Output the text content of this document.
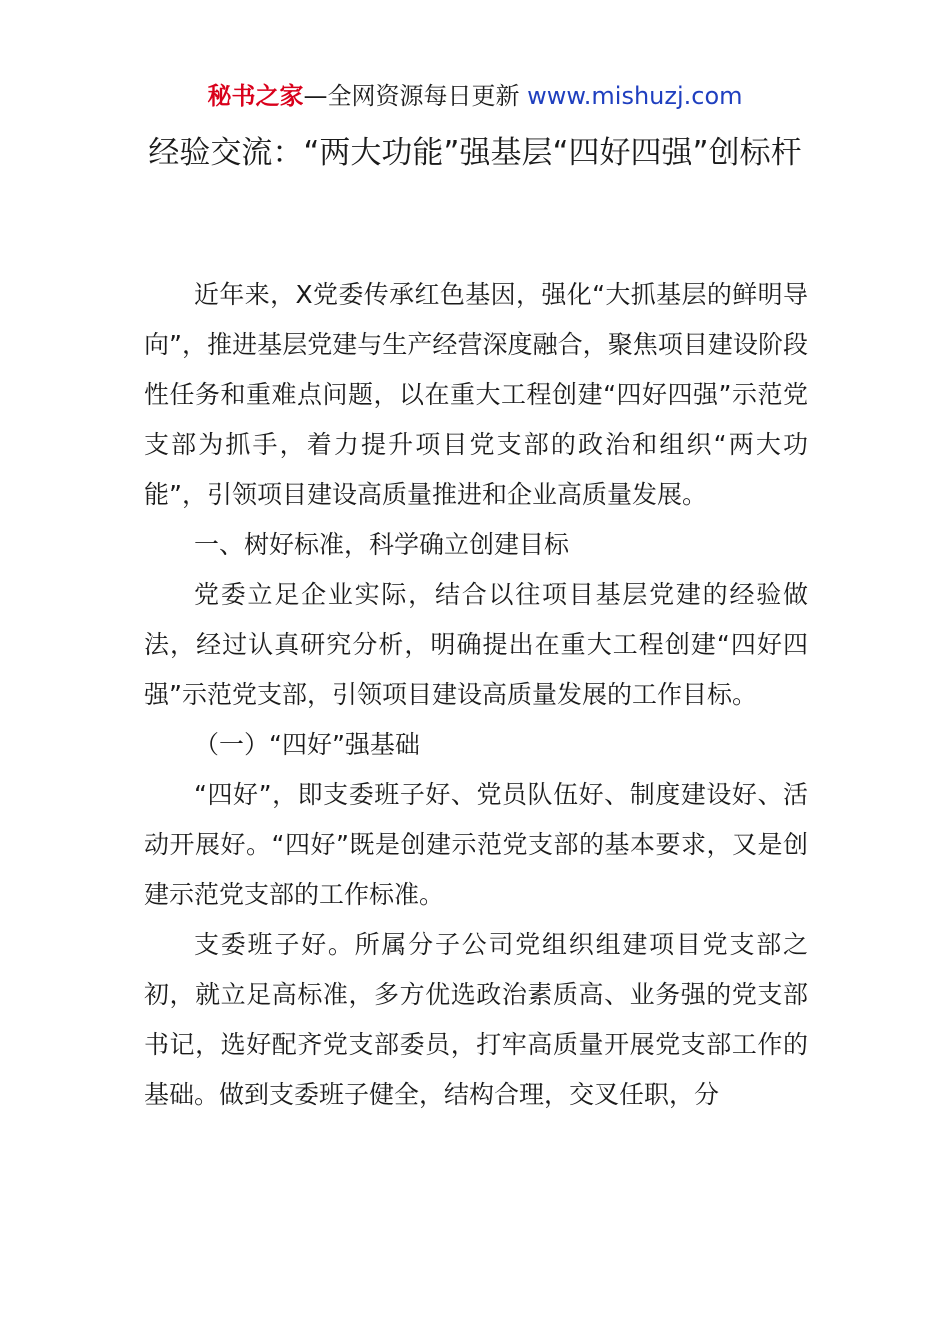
秘书之家—全网资源每日更新 www.mishuzj.com
经验交流：“两大功能”强基层“四好四强”创标杆

近年来，X党委传承红色基因，强化“大抓基层的鲜明导向”，推进基层党建与生产经营深度融合，聚焦项目建设阶段性任务和重难点问题，以在重大工程创建“四好四强”示范党支部为抓手，着力提升项目党支部的政治和组织“两大功能”，引领项目建设高质量推进和企业高质量发展。

一、树好标准，科学确立创建目标

党委立足企业实际，结合以往项目基层党建的经验做法，经过认真研究分析，明确提出在重大工程创建“四好四强”示范党支部，引领项目建设高质量发展的工作目标。

（一）“四好”强基础

“四好”，即支委班子好、党员队伍好、制度建设好、活动开展好。“四好”既是创建示范党支部的基本要求，又是创建示范党支部的工作标准。

支委班子好。所属分子公司党组织组建项目党支部之初，就立足高标准，多方优选政治素质高、业务强的党支部书记，选好配齐党支部委员，打牢高质量开展党支部工作的基础。做到支委班子健全，结构合理，交叉任职，分
